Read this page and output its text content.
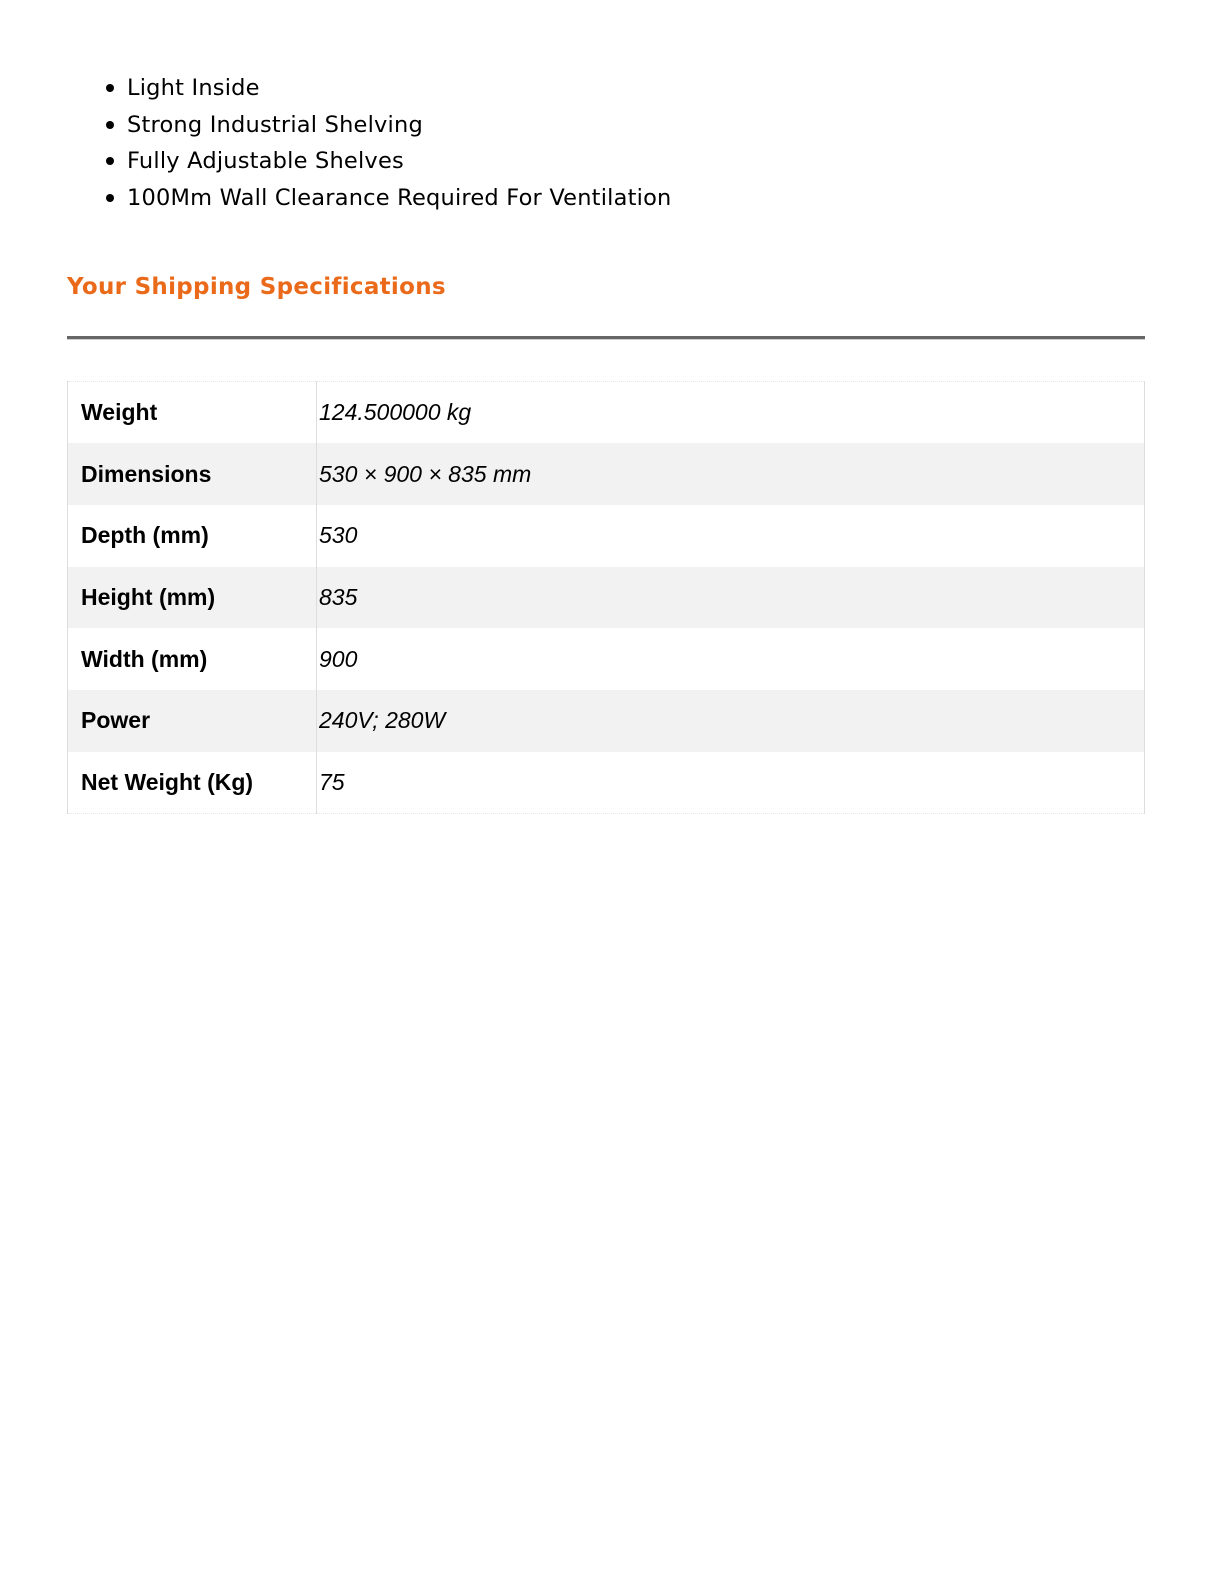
Light Inside
Strong Industrial Shelving
Fully Adjustable Shelves
100Mm Wall Clearance Required For Ventilation
Your Shipping Specifications
Weight	124.500000 kg
Dimensions	530 × 900 × 835 mm
Depth (mm)	530
Height (mm)	835
Width (mm)	900
Power	240V; 280W
Net Weight (Kg)	75
